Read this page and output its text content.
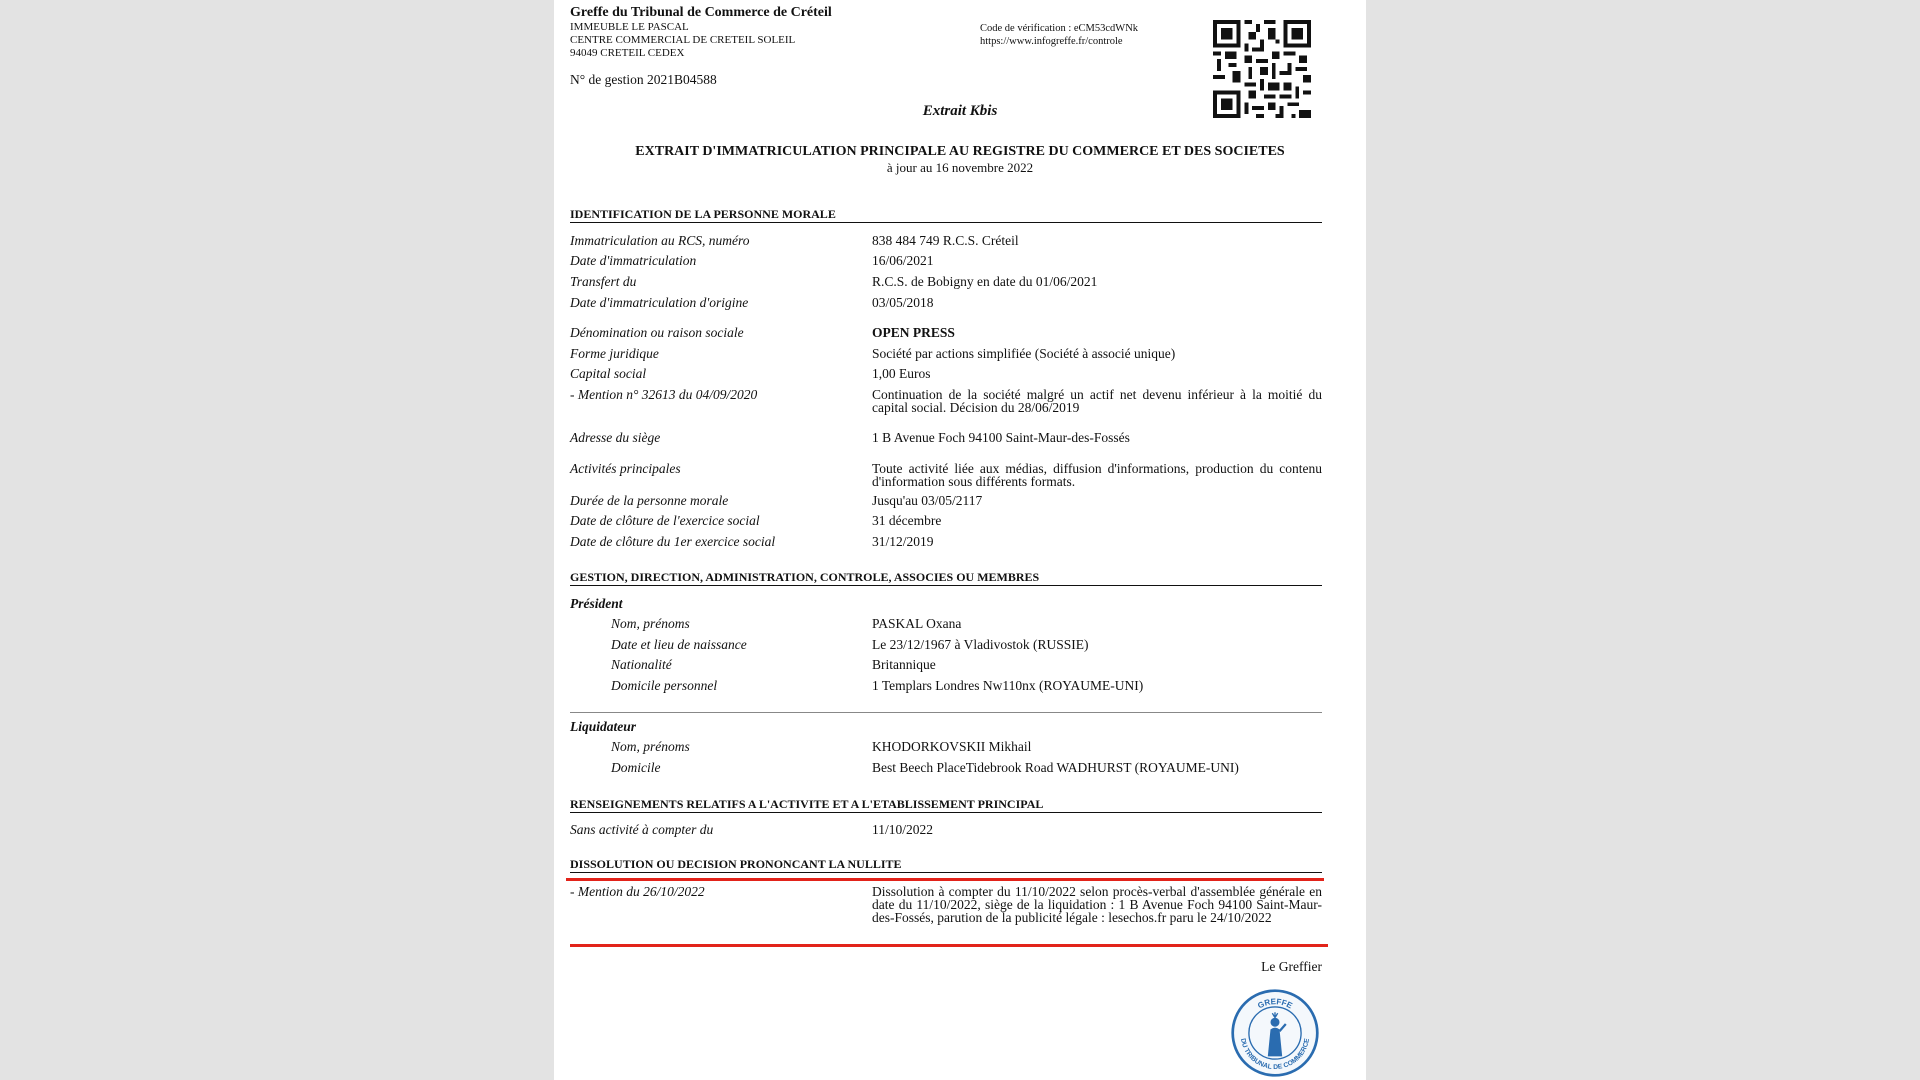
Greffe du Tribunal de Commerce de Créteil
IMMEUBLE LE PASCAL
CENTRE COMMERCIAL DE CRETEIL SOLEIL
94049 CRETEIL CEDEX
N° de gestion 2021B04588
Code de vérification : eCM53cdWNk
https://www.infogreffe.fr/controle
Extrait Kbis
EXTRAIT D'IMMATRICULATION PRINCIPALE AU REGISTRE DU COMMERCE ET DES SOCIETES
à jour au 16 novembre 2022
IDENTIFICATION DE LA PERSONNE MORALE
Immatriculation au RCS, numéro	838 484 749 R.C.S. Créteil
Date d'immatriculation	16/06/2021
Transfert du	R.C.S. de Bobigny en date du 01/06/2021
Date d'immatriculation d'origine	03/05/2018
Dénomination ou raison sociale	OPEN PRESS
Forme juridique	Société par actions simplifiée (Société à associé unique)
Capital social	1,00 Euros
- Mention n° 32613 du 04/09/2020	Continuation de la société malgré un actif net devenu inférieur à la moitié du capital social. Décision du 28/06/2019
Adresse du siège	1 B Avenue Foch 94100 Saint-Maur-des-Fossés
Activités principales	Toute activité liée aux médias, diffusion d'informations, production du contenu d'information sous différents formats.
Durée de la personne morale	Jusqu'au 03/05/2117
Date de clôture de l'exercice social	31 décembre
Date de clôture du 1er exercice social	31/12/2019
GESTION, DIRECTION, ADMINISTRATION, CONTROLE, ASSOCIES OU MEMBRES
Président
Nom, prénoms	PASKAL Oxana
Date et lieu de naissance	Le 23/12/1967 à Vladivostok (RUSSIE)
Nationalité	Britannique
Domicile personnel	1 Templars Londres Nw110nx (ROYAUME-UNI)
Liquidateur
Nom, prénoms	KHODORKOVSKII Mikhail
Domicile	Best Beech PlaceTidebrook Road WADHURST (ROYAUME-UNI)
RENSEIGNEMENTS RELATIFS A L'ACTIVITE ET A L'ETABLISSEMENT PRINCIPAL
Sans activité à compter du	11/10/2022
DISSOLUTION OU DECISION PRONONCANT LA NULLITE
- Mention du 26/10/2022	Dissolution à compter du 11/10/2022 selon procès-verbal d'assemblée générale en date du 11/10/2022, siège de la liquidation : 1 B Avenue Foch 94100 Saint-Maur-des-Fossés, parution de la publicité légale : lesechos.fr paru le 24/10/2022
Le Greffier
GREFFE
DU TRIBUNAL DE COMMERCE
